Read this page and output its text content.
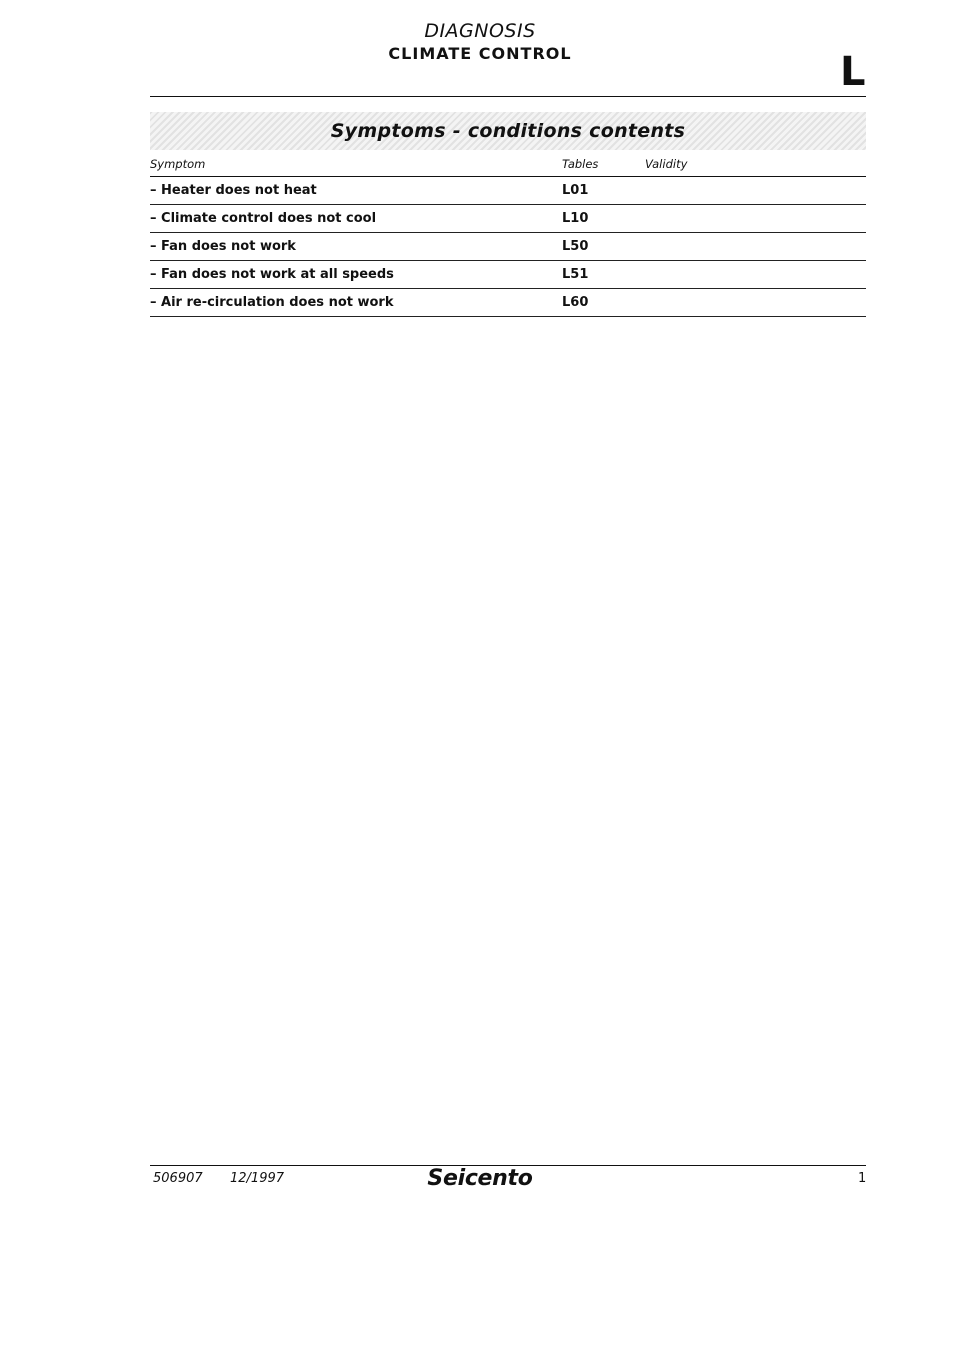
DIAGNOSIS
CLIMATE CONTROL	L
Symptoms - conditions contents
Symptom	Tables	Validity
– Heater does not heat	L01
– Climate control does not cool	L10
– Fan does not work	L50
– Fan does not work at all speeds	L51
– Air re-circulation does not work	L60
506907 12/1997	Seicento	1
